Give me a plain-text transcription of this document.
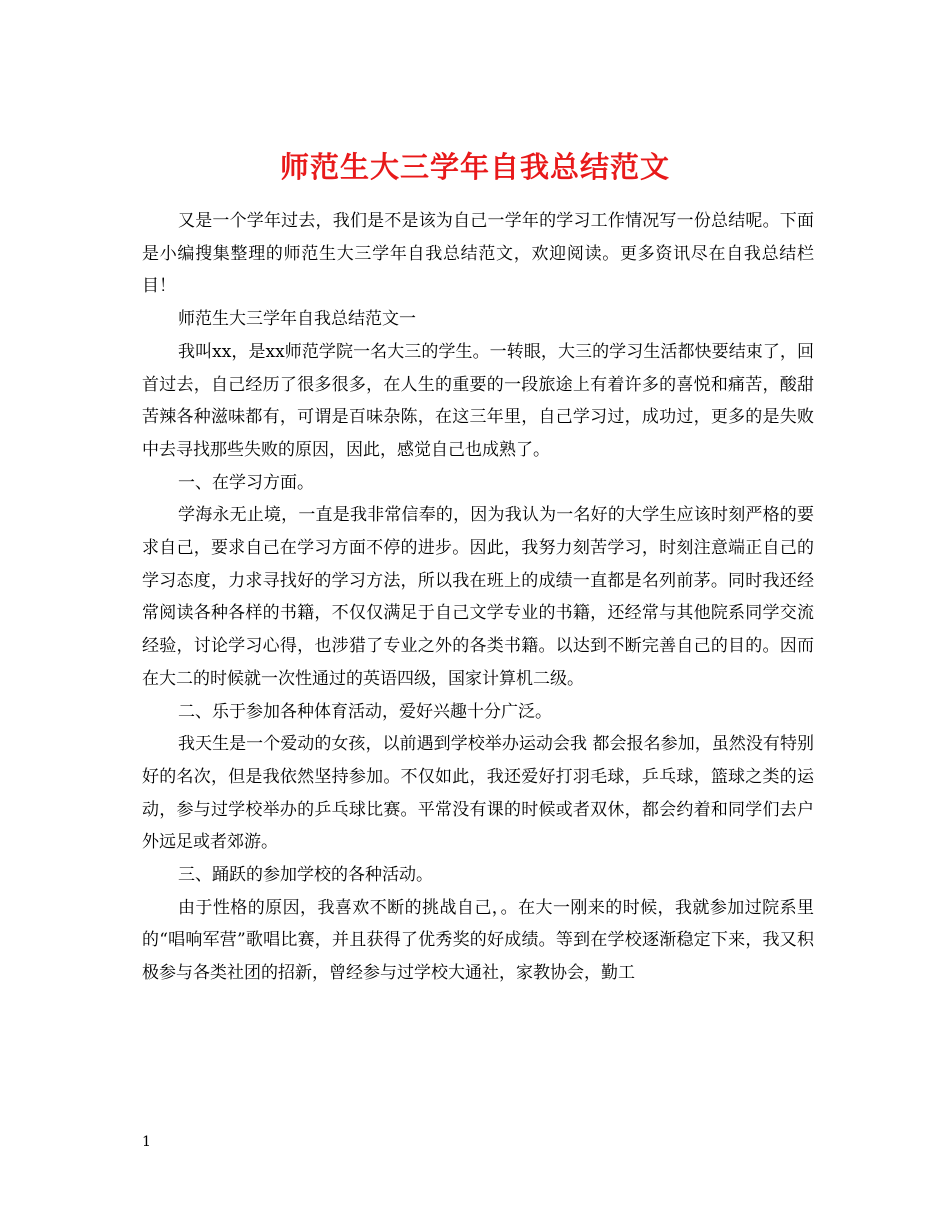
师范生大三学年自我总结范文

又是一个学年过去，我们是不是该为自己一学年的学习工作情况写一份总结呢。下面是小编搜集整理的师范生大三学年自我总结范文，欢迎阅读。更多资讯尽在自我总结栏目！

师范生大三学年自我总结范文一

我叫xx，是xx师范学院一名大三的学生。一转眼，大三的学习生活都快要结束了，回首过去，自己经历了很多很多，在人生的重要的一段旅途上有着许多的喜悦和痛苦，酸甜苦辣各种滋味都有，可谓是百味杂陈，在这三年里，自己学习过，成功过，更多的是失败中去寻找那些失败的原因，因此，感觉自己也成熟了。

一、在学习方面。

学海永无止境，一直是我非常信奉的，因为我认为一名好的大学生应该时刻严格的要求自己，要求自己在学习方面不停的进步。因此，我努力刻苦学习，时刻注意端正自己的学习态度，力求寻找好的学习方法，所以我在班上的成绩一直都是名列前茅。同时我还经常阅读各种各样的书籍，不仅仅满足于自己文学专业的书籍，还经常与其他院系同学交流经验，讨论学习心得，也涉猎了专业之外的各类书籍。以达到不断完善自己的目的。因而在大二的时候就一次性通过的英语四级，国家计算机二级。

二、乐于参加各种体育活动，爱好兴趣十分广泛。

我天生是一个爱动的女孩，以前遇到学校举办运动会我 都会报名参加，虽然没有特别好的名次，但是我依然坚持参加。不仅如此，我还爱好打羽毛球，乒乓球，篮球之类的运动，参与过学校举办的乒乓球比赛。平常没有课的时候或者双休，都会约着和同学们去户外远足或者郊游。

三、踊跃的参加学校的各种活动。

由于性格的原因，我喜欢不断的挑战自己，。在大一刚来的时候，我就参加过院系里的“唱响军营”歌唱比赛，并且获得了优秀奖的好成绩。等到在学校逐渐稳定下来，我又积极参与各类社团的招新，曾经参与过学校大通社，家教协会，勤工

1
